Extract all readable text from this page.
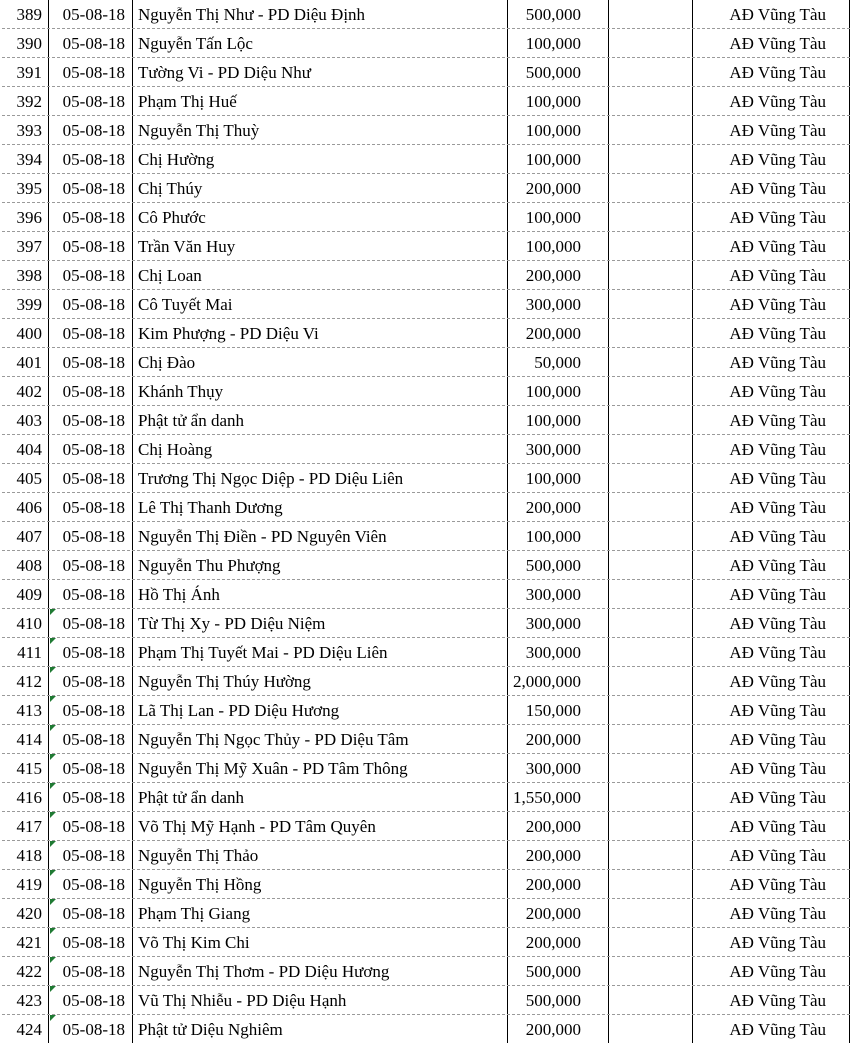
389	05-08-18 Nguyễn Thị Như - PD Diệu Định	500,000	AĐ Vũng Tàu
390	05-08-18 Nguyễn Tấn Lộc	100,000	AĐ Vũng Tàu
391	05-08-18 Tường Vi - PD Diệu Như	500,000	AĐ Vũng Tàu
392	05-08-18 Phạm Thị Huế	100,000	AĐ Vũng Tàu
393	05-08-18 Nguyễn Thị Thuỳ	100,000	AĐ Vũng Tàu
394	05-08-18 Chị Hường	100,000	AĐ Vũng Tàu
395	05-08-18 Chị Thúy	200,000	AĐ Vũng Tàu
396	05-08-18 Cô Phước	100,000	AĐ Vũng Tàu
397	05-08-18 Trần Văn Huy	100,000	AĐ Vũng Tàu
398	05-08-18 Chị Loan	200,000	AĐ Vũng Tàu
399	05-08-18 Cô Tuyết Mai	300,000	AĐ Vũng Tàu
400	05-08-18 Kim Phượng - PD Diệu Vi	200,000	AĐ Vũng Tàu
401	05-08-18 Chị Đào	50,000	AĐ Vũng Tàu
402	05-08-18 Khánh Thụy	100,000	AĐ Vũng Tàu
403	05-08-18 Phật tử ẩn danh	100,000	AĐ Vũng Tàu
404	05-08-18 Chị Hoàng	300,000	AĐ Vũng Tàu
405	05-08-18 Trương Thị Ngọc Diệp - PD Diệu Liên	100,000	AĐ Vũng Tàu
406	05-08-18 Lê Thị Thanh Dương	200,000	AĐ Vũng Tàu
407	05-08-18 Nguyễn Thị Điền - PD Nguyên Viên	100,000	AĐ Vũng Tàu
408	05-08-18 Nguyễn Thu Phượng	500,000	AĐ Vũng Tàu
409	05-08-18 Hồ Thị Ánh	300,000	AĐ Vũng Tàu
410	05-08-18 Từ Thị Xy - PD Diệu Niệm	300,000	AĐ Vũng Tàu
411	05-08-18 Phạm Thị Tuyết Mai - PD Diệu Liên	300,000	AĐ Vũng Tàu
412	05-08-18 Nguyễn Thị Thúy Hường	2,000,000	AĐ Vũng Tàu
413	05-08-18 Lã Thị Lan - PD Diệu Hương	150,000	AĐ Vũng Tàu
414	05-08-18 Nguyễn Thị Ngọc Thủy - PD Diệu Tâm	200,000	AĐ Vũng Tàu
415	05-08-18 Nguyễn Thị Mỹ Xuân - PD Tâm Thông	300,000	AĐ Vũng Tàu
416	05-08-18 Phật tử ẩn danh	1,550,000	AĐ Vũng Tàu
417	05-08-18 Võ Thị Mỹ Hạnh - PD Tâm Quyên	200,000	AĐ Vũng Tàu
418	05-08-18 Nguyễn Thị Thảo	200,000	AĐ Vũng Tàu
419	05-08-18 Nguyễn Thị Hồng	200,000	AĐ Vũng Tàu
420	05-08-18 Phạm Thị Giang	200,000	AĐ Vũng Tàu
421	05-08-18 Võ Thị Kim Chi	200,000	AĐ Vũng Tàu
422	05-08-18 Nguyễn Thị Thơm - PD Diệu Hương	500,000	AĐ Vũng Tàu
423	05-08-18 Vũ Thị Nhiễu - PD Diệu Hạnh	500,000	AĐ Vũng Tàu
424	05-08-18 Phật tử Diệu Nghiêm	200,000	AĐ Vũng Tàu
